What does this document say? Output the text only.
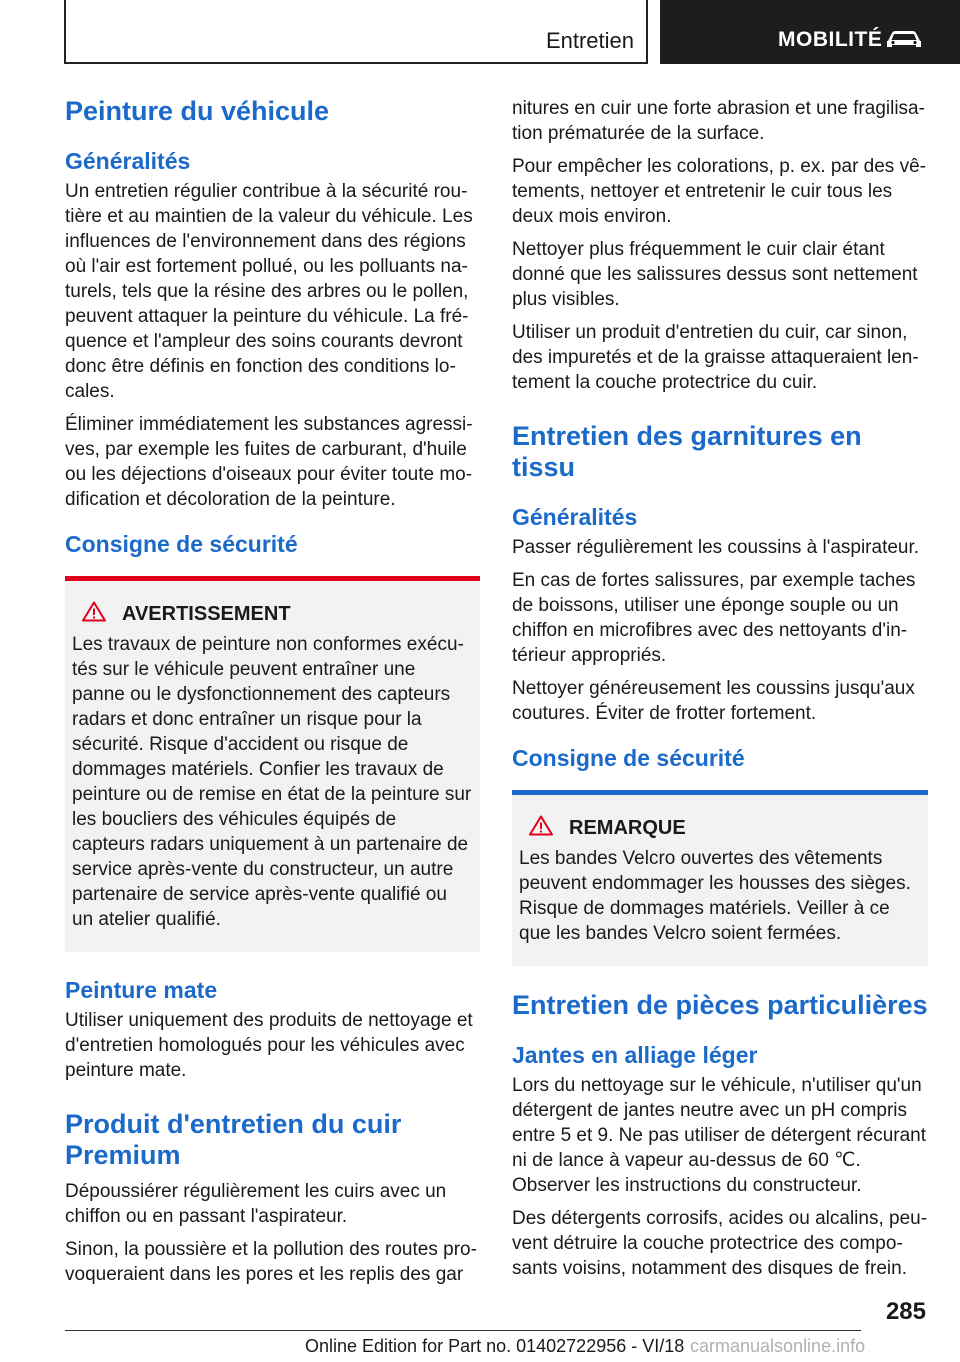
Entretien	MOBILITÉ
Peinture du véhicule
Généralités
Un entretien régulier contribue à la sécurité routière et au maintien de la valeur du véhicule. Les influences de l'environnement dans des régions où l'air est fortement pollué, ou les polluants naturels, tels que la résine des arbres ou le pollen, peuvent attaquer la peinture du véhicule. La fréquence et l'ampleur des soins courants devront donc être définis en fonction des conditions locales.
Éliminer immédiatement les substances agressives, par exemple les fuites de carburant, d'huile ou les déjections d'oiseaux pour éviter toute modification et décoloration de la peinture.
Consigne de sécurité
AVERTISSEMENT
Les travaux de peinture non conformes exécutés sur le véhicule peuvent entraîner une panne ou le dysfonctionnement des capteurs radars et donc entraîner un risque pour la sécurité. Risque d'accident ou risque de dommages matériels. Confier les travaux de peinture ou de remise en état de la peinture sur les boucliers des véhicules équipés de capteurs radars uniquement à un partenaire de service après-vente du constructeur, un autre partenaire de service après-vente qualifié ou un atelier qualifié.
Peinture mate
Utiliser uniquement des produits de nettoyage et d'entretien homologués pour les véhicules avec peinture mate.
Produit d'entretien du cuir Premium
Dépoussiérer régulièrement les cuirs avec un chiffon ou en passant l'aspirateur.
Sinon, la poussière et la pollution des routes provoqueraient dans les pores et les replis des gar
nitures en cuir une forte abrasion et une fragilisation prématurée de la surface.
Pour empêcher les colorations, p. ex. par des vêtements, nettoyer et entretenir le cuir tous les deux mois environ.
Nettoyer plus fréquemment le cuir clair étant donné que les salissures dessus sont nettement plus visibles.
Utiliser un produit d'entretien du cuir, car sinon, des impuretés et de la graisse attaqueraient lentement la couche protectrice du cuir.
Entretien des garnitures en tissu
Généralités
Passer régulièrement les coussins à l'aspirateur.
En cas de fortes salissures, par exemple taches de boissons, utiliser une éponge souple ou un chiffon en microfibres avec des nettoyants d'intérieur appropriés.
Nettoyer généreusement les coussins jusqu'aux coutures. Éviter de frotter fortement.
Consigne de sécurité
REMARQUE
Les bandes Velcro ouvertes des vêtements peuvent endommager les housses des sièges. Risque de dommages matériels. Veiller à ce que les bandes Velcro soient fermées.
Entretien de pièces particulières
Jantes en alliage léger
Lors du nettoyage sur le véhicule, n'utiliser qu'un détergent de jantes neutre avec un pH compris entre 5 et 9. Ne pas utiliser de détergent récurant ni de lance à vapeur au-dessus de 60 ℃. Observer les instructions du constructeur.
Des détergents corrosifs, acides ou alcalins, peuvent détruire la couche protectrice des composants voisins, notamment des disques de frein.
285
Online Edition for Part no. 01402722956 - VI/18 carmanualsonline.info
